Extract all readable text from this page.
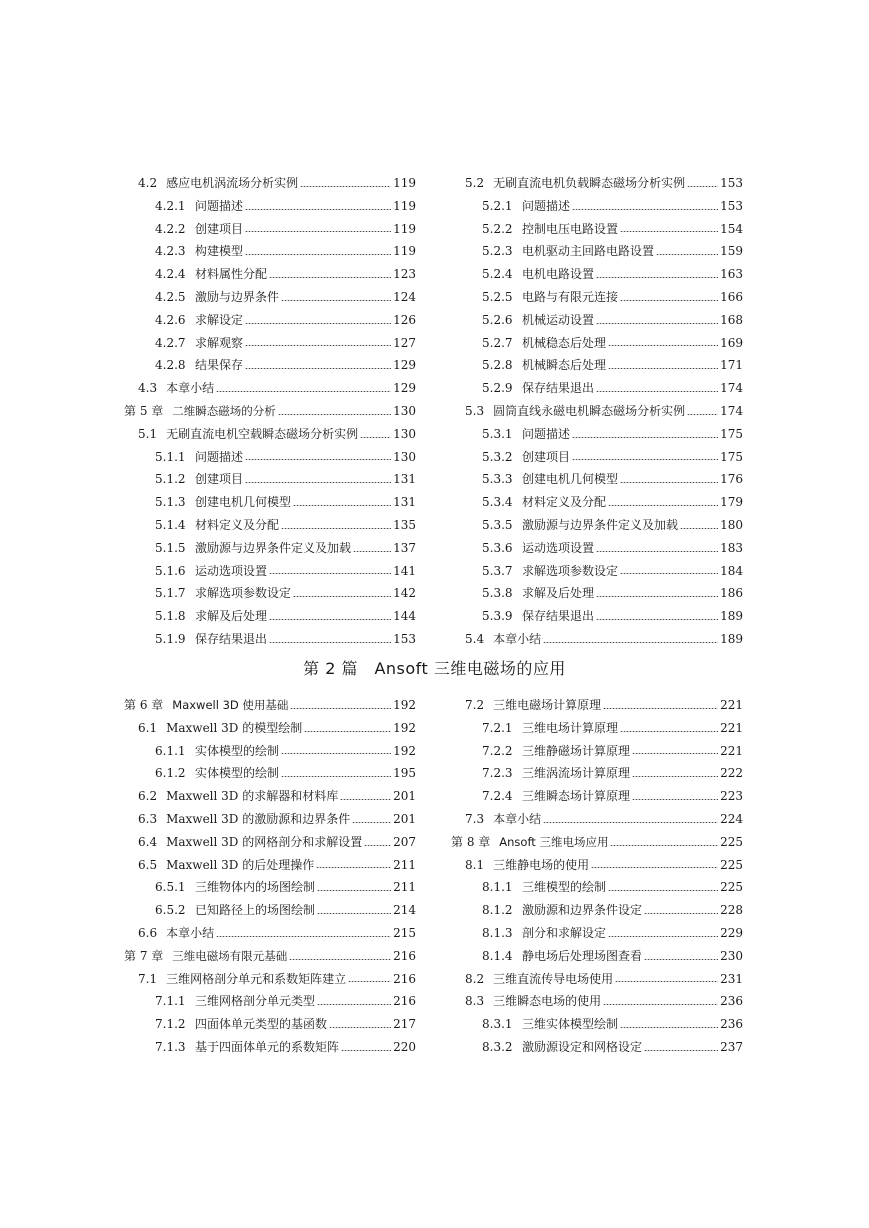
4.2 感应电机涡流场分析实例	119
4.2.1 问题描述	119
4.2.2 创建项目	119
4.2.3 构建模型	119
4.2.4 材料属性分配	123
4.2.5 激励与边界条件	124
4.2.6 求解设定	126
4.2.7 求解观察	127
4.2.8 结果保存	129
4.3 本章小结	129
第 5 章 二维瞬态磁场的分析	130
5.1 无刷直流电机空载瞬态磁场分析实例	130
5.1.1 问题描述	130
5.1.2 创建项目	131
5.1.3 创建电机几何模型	131
5.1.4 材料定义及分配	135
5.1.5 激励源与边界条件定义及加载	137
5.1.6 运动选项设置	141
5.1.7 求解选项参数设定	142
5.1.8 求解及后处理	144
5.1.9 保存结果退出	153
5.2 无刷直流电机负载瞬态磁场分析实例	153
5.2.1 问题描述	153
5.2.2 控制电压电路设置	154
5.2.3 电机驱动主回路电路设置	159
5.2.4 电机电路设置	163
5.2.5 电路与有限元连接	166
5.2.6 机械运动设置	168
5.2.7 机械稳态后处理	169
5.2.8 机械瞬态后处理	171
5.2.9 保存结果退出	174
5.3 圆筒直线永磁电机瞬态磁场分析实例	174
5.3.1 问题描述	175
5.3.2 创建项目	175
5.3.3 创建电机几何模型	176
5.3.4 材料定义及分配	179
5.3.5 激励源与边界条件定义及加载	180
5.3.6 运动选项设置	183
5.3.7 求解选项参数设定	184
5.3.8 求解及后处理	186
5.3.9 保存结果退出	189
5.4 本章小结	189
第 2 篇　Ansoft 三维电磁场的应用
第 6 章 Maxwell 3D 使用基础	192
6.1 Maxwell 3D 的模型绘制	192
6.1.1 实体模型的绘制	192
6.1.2 实体模型的绘制	195
6.2 Maxwell 3D 的求解器和材料库	201
6.3 Maxwell 3D 的激励源和边界条件	201
6.4 Maxwell 3D 的网格剖分和求解设置	207
6.5 Maxwell 3D 的后处理操作	211
6.5.1 三维物体内的场图绘制	211
6.5.2 已知路径上的场图绘制	214
6.6 本章小结	215
第 7 章 三维电磁场有限元基础	216
7.1 三维网格剖分单元和系数矩阵建立	216
7.1.1 三维网格剖分单元类型	216
7.1.2 四面体单元类型的基函数	217
7.1.3 基于四面体单元的系数矩阵	220
7.2 三维电磁场计算原理	221
7.2.1 三维电场计算原理	221
7.2.2 三维静磁场计算原理	221
7.2.3 三维涡流场计算原理	222
7.2.4 三维瞬态场计算原理	223
7.3 本章小结	224
第 8 章 Ansoft 三维电场应用	225
8.1 三维静电场的使用	225
8.1.1 三维模型的绘制	225
8.1.2 激励源和边界条件设定	228
8.1.3 剖分和求解设定	229
8.1.4 静电场后处理场图查看	230
8.2 三维直流传导电场使用	231
8.3 三维瞬态电场的使用	236
8.3.1 三维实体模型绘制	236
8.3.2 激励源设定和网格设定	237
